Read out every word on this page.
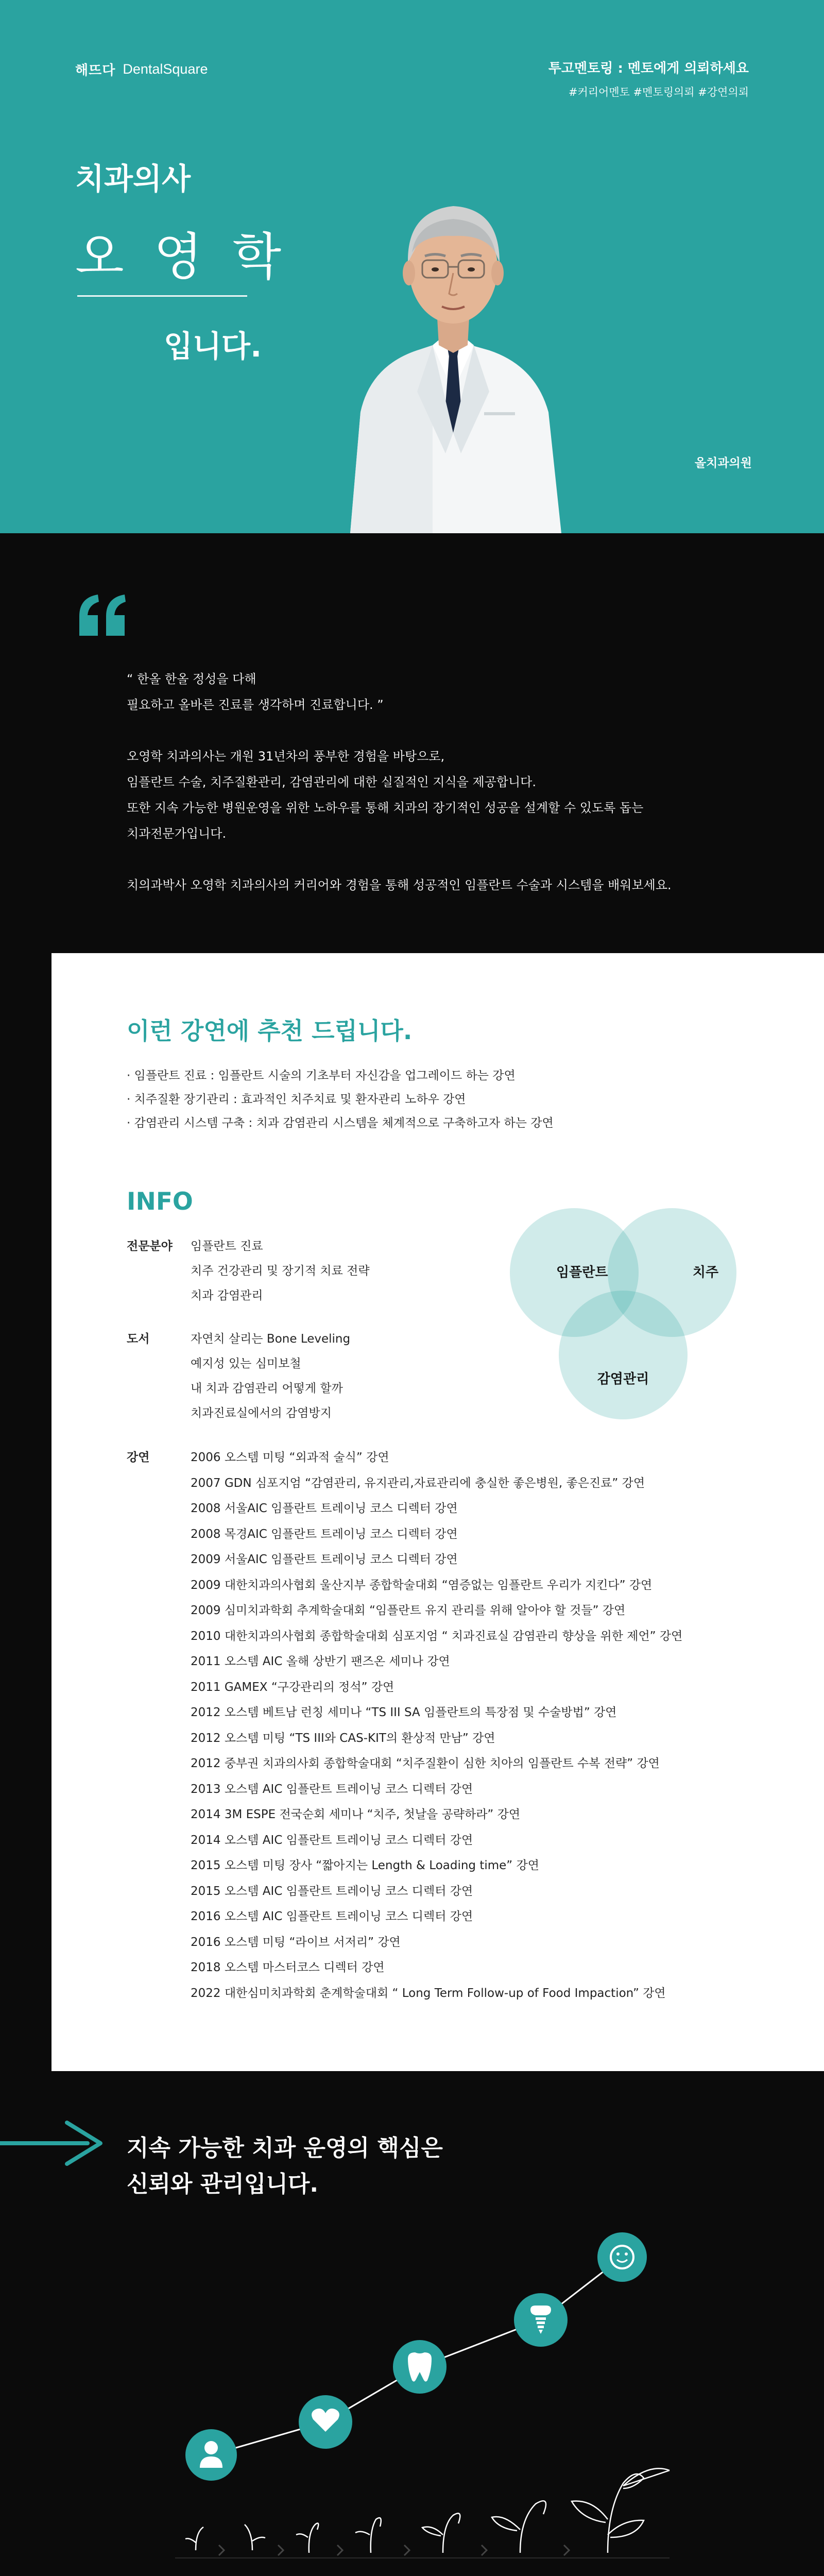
해뜨다 DentalSquare	투고멘토링 : 멘토에게 의뢰하세요
#커리어멘토 #멘토링의뢰 #강연의뢰
치과의사
오영학
입니다.
올치과의원

“ 한올 한올 정성을 다해
필요하고 올바른 진료를 생각하며 진료합니다. ”

오영학 치과의사는 개원 31년차의 풍부한 경험을 바탕으로,
임플란트 수술, 치주질환관리, 감염관리에 대한 실질적인 지식을 제공합니다.
또한 지속 가능한 병원운영을 위한 노하우를 통해 치과의 장기적인 성공을 설계할 수 있도록 돕는
치과전문가입니다.

치의과박사 오영학 치과의사의 커리어와 경험을 통해 성공적인 임플란트 수술과 시스템을 배워보세요.

이런 강연에 추천 드립니다.
· 임플란트 진료 : 임플란트 시술의 기초부터 자신감을 업그레이드 하는 강연
· 치주질환 장기관리 : 효과적인 치주치료 및 환자관리 노하우 강연
· 감염관리 시스템 구축 : 치과 감염관리 시스템을 체계적으로 구축하고자 하는 강연
INFO
전문분야	임플란트 진료
치주 건강관리 및 장기적 치료 전략
치과 감염관리
도서	자연치 살리는 Bone Leveling
예지성 있는 심미보철
내 치과 감염관리 어떻게 할까
치과진료실에서의 감염방지
강연	2006 오스템 미팅 “외과적 술식” 강연
2007 GDN 심포지엄 “감염관리, 유지관리,자료관리에 충실한 좋은병원, 좋은진료” 강연
2008 서울AIC 임플란트 트레이닝 코스 디렉터 강연
2008 목경AIC 임플란트 트레이닝 코스 디렉터 강연
2009 서울AIC 임플란트 트레이닝 코스 디렉터 강연
2009 대한치과의사협회 울산지부 종합학술대회 “염증없는 임플란트 우리가 지킨다” 강연
2009 심미치과학회 추계학술대회 “임플란트 유지 관리를 위해 알아야 할 것들” 강연
2010 대한치과의사협회 종합학술대회 심포지엄 “ 치과진료실 감염관리 향상을 위한 제언” 강연
2011 오스템 AIC 올해 상반기 팬즈온 세미나 강연
2011 GAMEX “구강관리의 정석” 강연
2012 오스템 베트남 런칭 세미나 “TS III SA 임플란트의 특장점 및 수술방법” 강연
2012 오스템 미팅 “TS III와 CAS-KIT의 환상적 만남” 강연
2012 중부권 치과의사회 종합학술대회 “치주질환이 심한 치아의 임플란트 수복 전략” 강연
2013 오스템 AIC 임플란트 트레이닝 코스 디렉터 강연
2014 3M ESPE 전국순회 세미나 “치주, 첫날을 공략하라” 강연
2014 오스템 AIC 임플란트 트레이닝 코스 디렉터 강연
2015 오스템 미팅 장사 “짧아지는 Length & Loading time” 강연
2015 오스템 AIC 임플란트 트레이닝 코스 디렉터 강연
2016 오스템 AIC 임플란트 트레이닝 코스 디렉터 강연
2016 오스템 미팅 “라이브 서저리” 강연
2018 오스템 마스터코스 디렉터 강연
2022 대한심미치과학회 춘계학술대회 “ Long Term Follow-up of Food Impaction” 강연
임플란트	치주
감염관리
지속 가능한 치과 운영의 핵심은
신뢰와 관리입니다.
